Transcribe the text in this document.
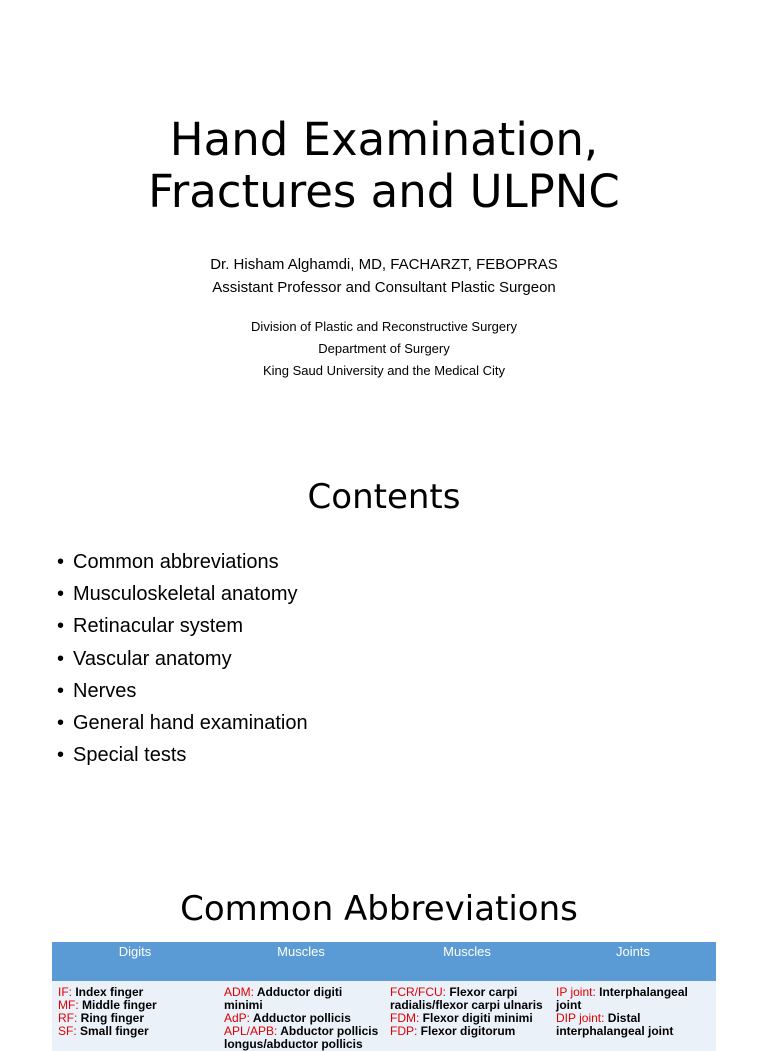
Hand Examination,
Fractures and ULPNC
Dr. Hisham Alghamdi, MD, FACHARZT, FEBOPRAS
Assistant Professor and Consultant Plastic Surgeon
Division of Plastic and Reconstructive Surgery
Department of Surgery
King Saud University and the Medical City
Contents
• Common abbreviations
• Musculoskeletal anatomy
• Retinacular system
• Vascular anatomy
• Nerves
• General hand examination
• Special tests
Common Abbreviations
Digits	Muscles	Muscles	Joints

IF: Index finger
MF: Middle finger
RF: Ring finger
SF: Small finger	ADM: Adductor digiti minimi
AdP: Adductor pollicis
APL/APB: Abductor pollicis longus/abductor pollicis	FCR/FCU: Flexor carpi radialis/flexor carpi ulnaris
FDM: Flexor digiti minimi
FDP: Flexor digitorum	IP joint: Interphalangeal joint
DIP joint: Distal interphalangeal joint
